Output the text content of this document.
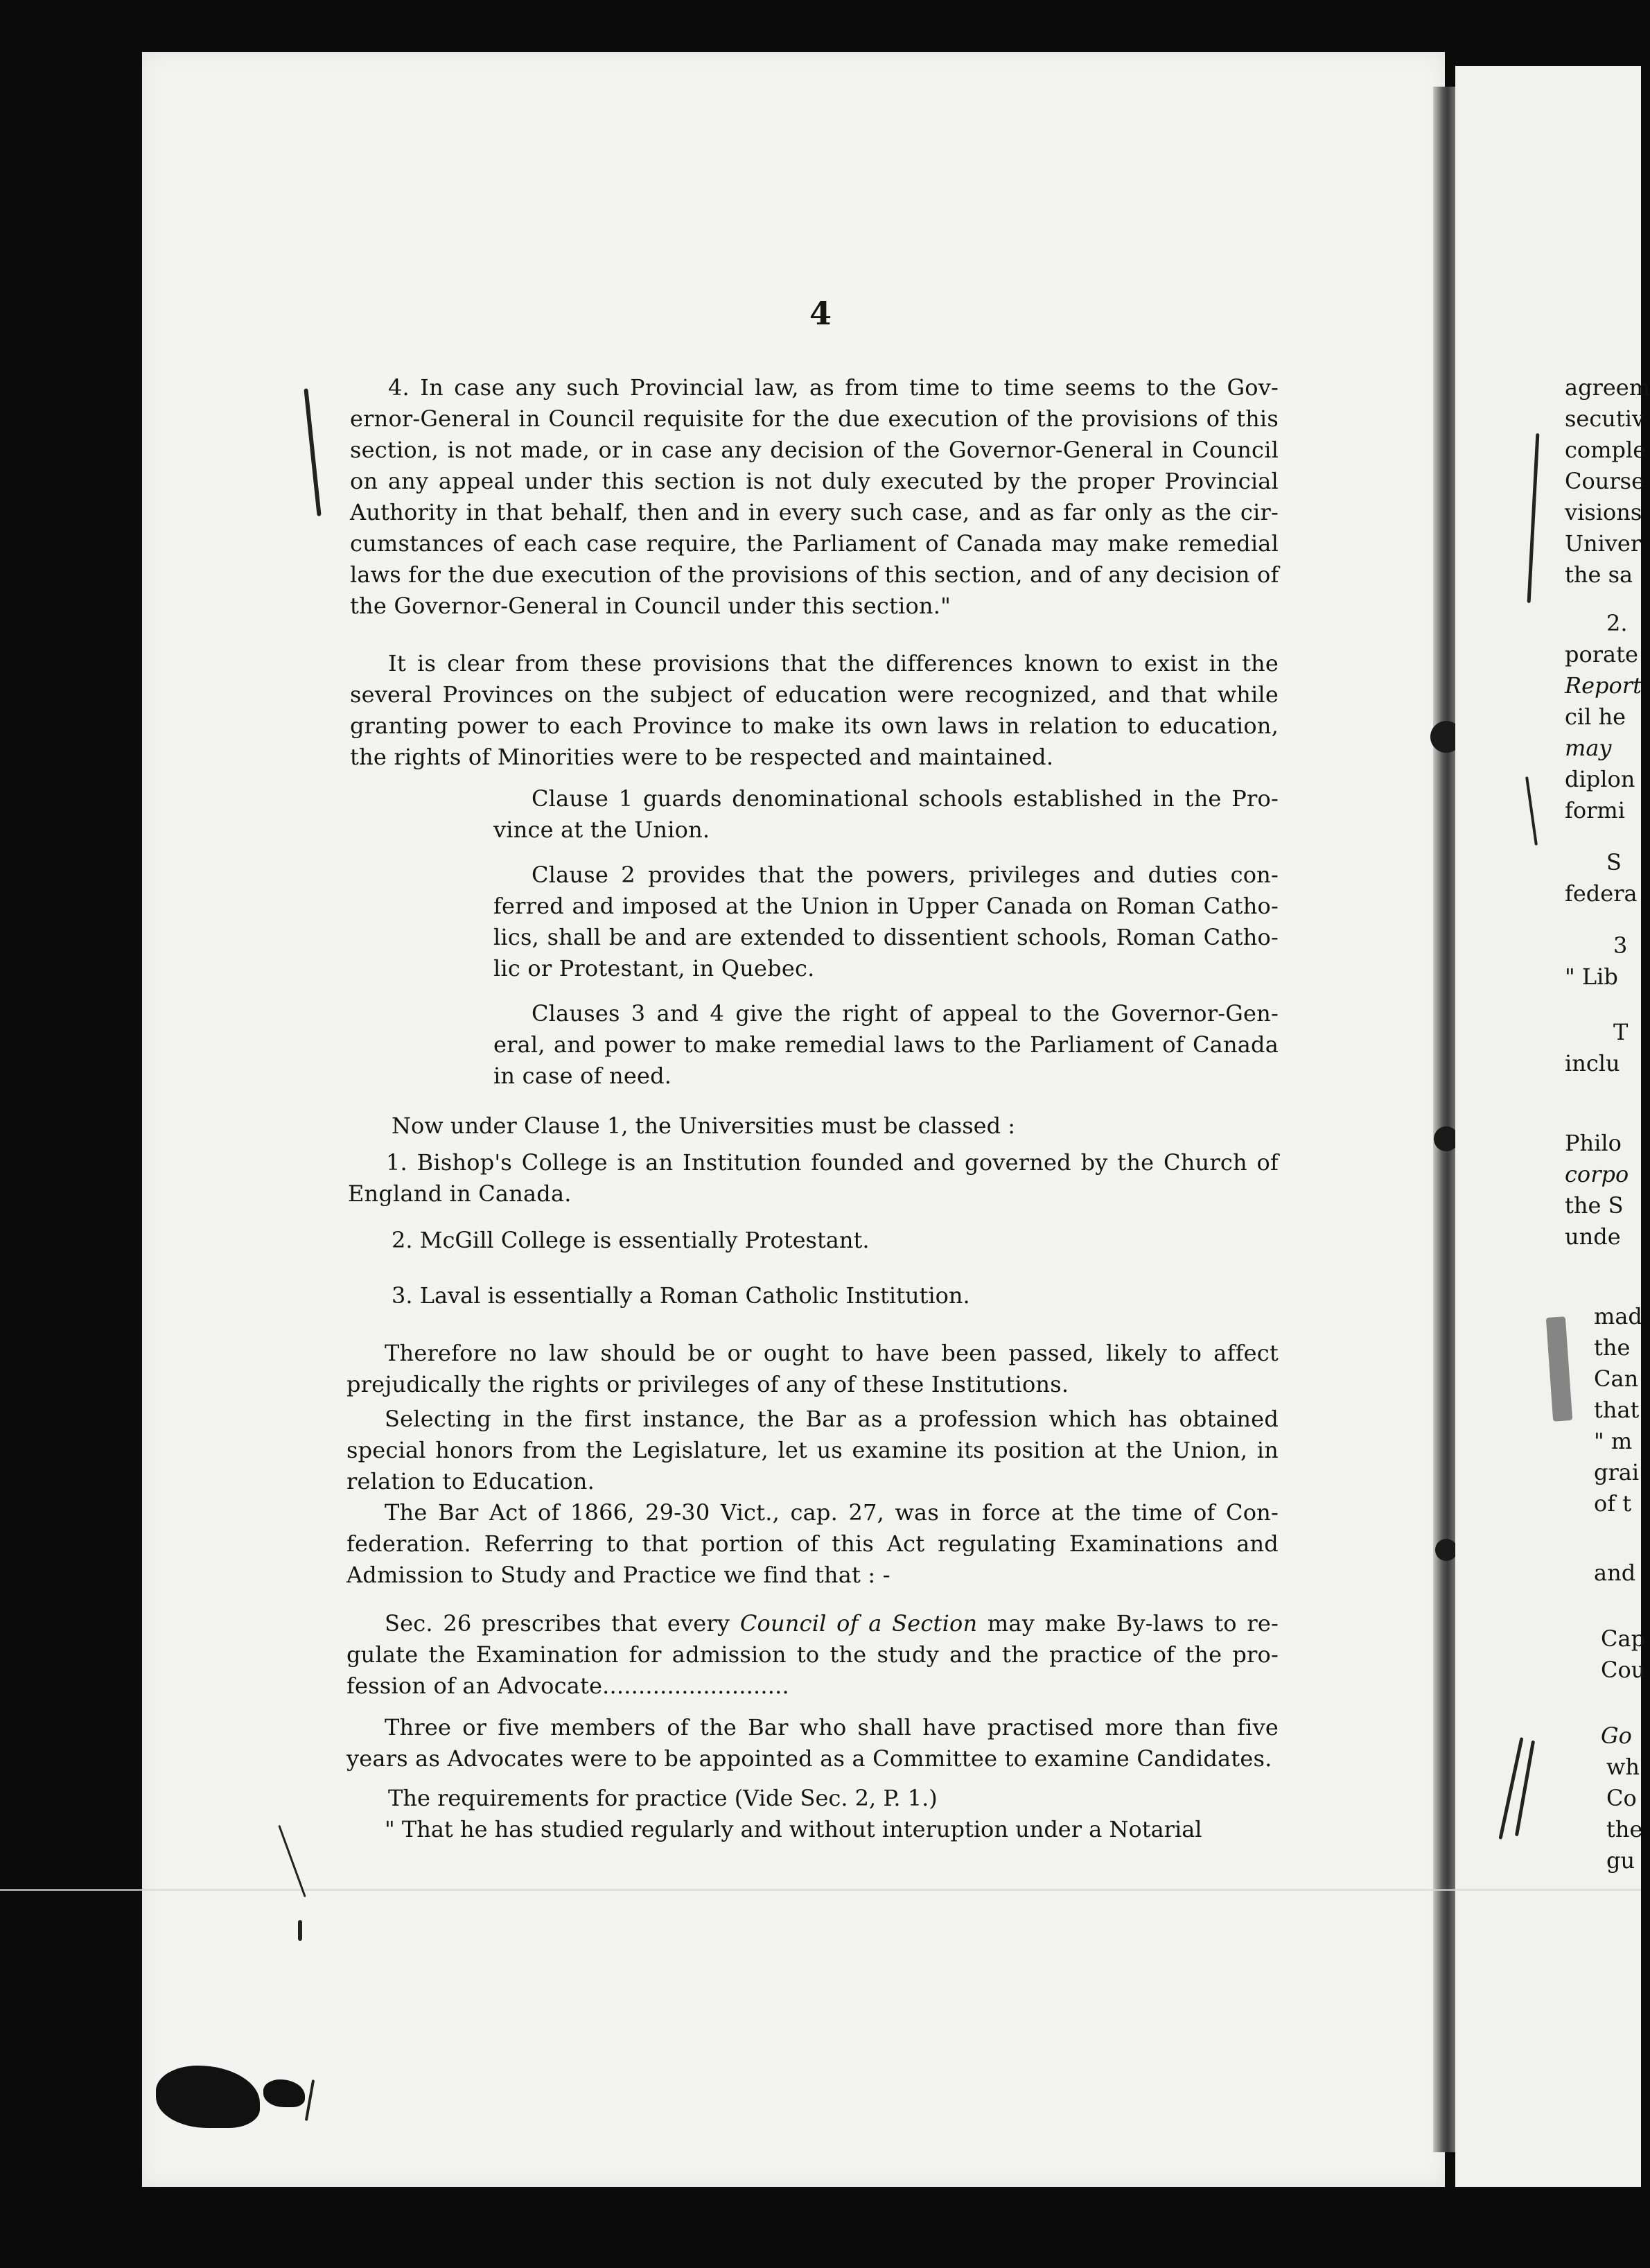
4
4. In case any such Provincial law, as from time to time seems to the Gov-
ernor-General in Council requisite for the due execution of the provisions of this
section, is not made, or in case any decision of the Governor-General in Council
on any appeal under this section is not duly executed by the proper Provincial
Authority in that behalf, then and in every such case, and as far only as the cir-
cumstances of each case require, the Parliament of Canada may make remedial
laws for the due execution of the provisions of this section, and of any decision of
the Governor-General in Council under this section."
It is clear from these provisions that the differences known to exist in the
several Provinces on the subject of education were recognized, and that while
granting power to each Province to make its own laws in relation to education,
the rights of Minorities were to be respected and maintained.
Clause 1 guards denominational schools established in the Pro-
vince at the Union.
Clause 2 provides that the powers, privileges and duties con-
ferred and imposed at the Union in Upper Canada on Roman Catho-
lics, shall be and are extended to dissentient schools, Roman Catho-
lic or Protestant, in Quebec.
Clauses 3 and 4 give the right of appeal to the Governor-Gen-
eral, and power to make remedial laws to the Parliament of Canada
in case of need.

Now under Clause 1, the Universities must be classed :

1. Bishop's College is an Institution founded and governed by the Church of
England in Canada.

2. McGill College is essentially Protestant.

3. Laval is essentially a Roman Catholic Institution.

Therefore no law should be or ought to have been passed, likely to affect
prejudically the rights or privileges of any of these Institutions.
Selecting in the first instance, the Bar as a profession which has obtained
special honors from the Legislature, let us examine its position at the Union, in
relation to Education.
The Bar Act of 1866, 29-30 Vict., cap. 27, was in force at the time of Con-
federation. Referring to that portion of this Act regulating Examinations and
Admission to Study and Practice we find that : -
Sec. 26 prescribes that every Council of a Section may make By-laws to re-
gulate the Examination for admission to the study and the practice of the pro-
fession of an Advocate..........................
Three or five members of the Bar who shall have practised more than five
years as Advocates were to be appointed as a Committee to examine Candidates.

The requirements for practice (Vide Sec. 2, P. 1.)

" That he has studied regularly and without interuption under a Notarial

agreem

secutiv

comple

Course

visions

Univer

the sa

2.

porate

Report

cil he

may

diplon

formi

S

federa

3

" Lib

T

inclu

Philo

corpo

the S

unde

mad

the

Can

that

" m

grai

of t

and

Cap

Cou

Go

wh

Co

the

gu
